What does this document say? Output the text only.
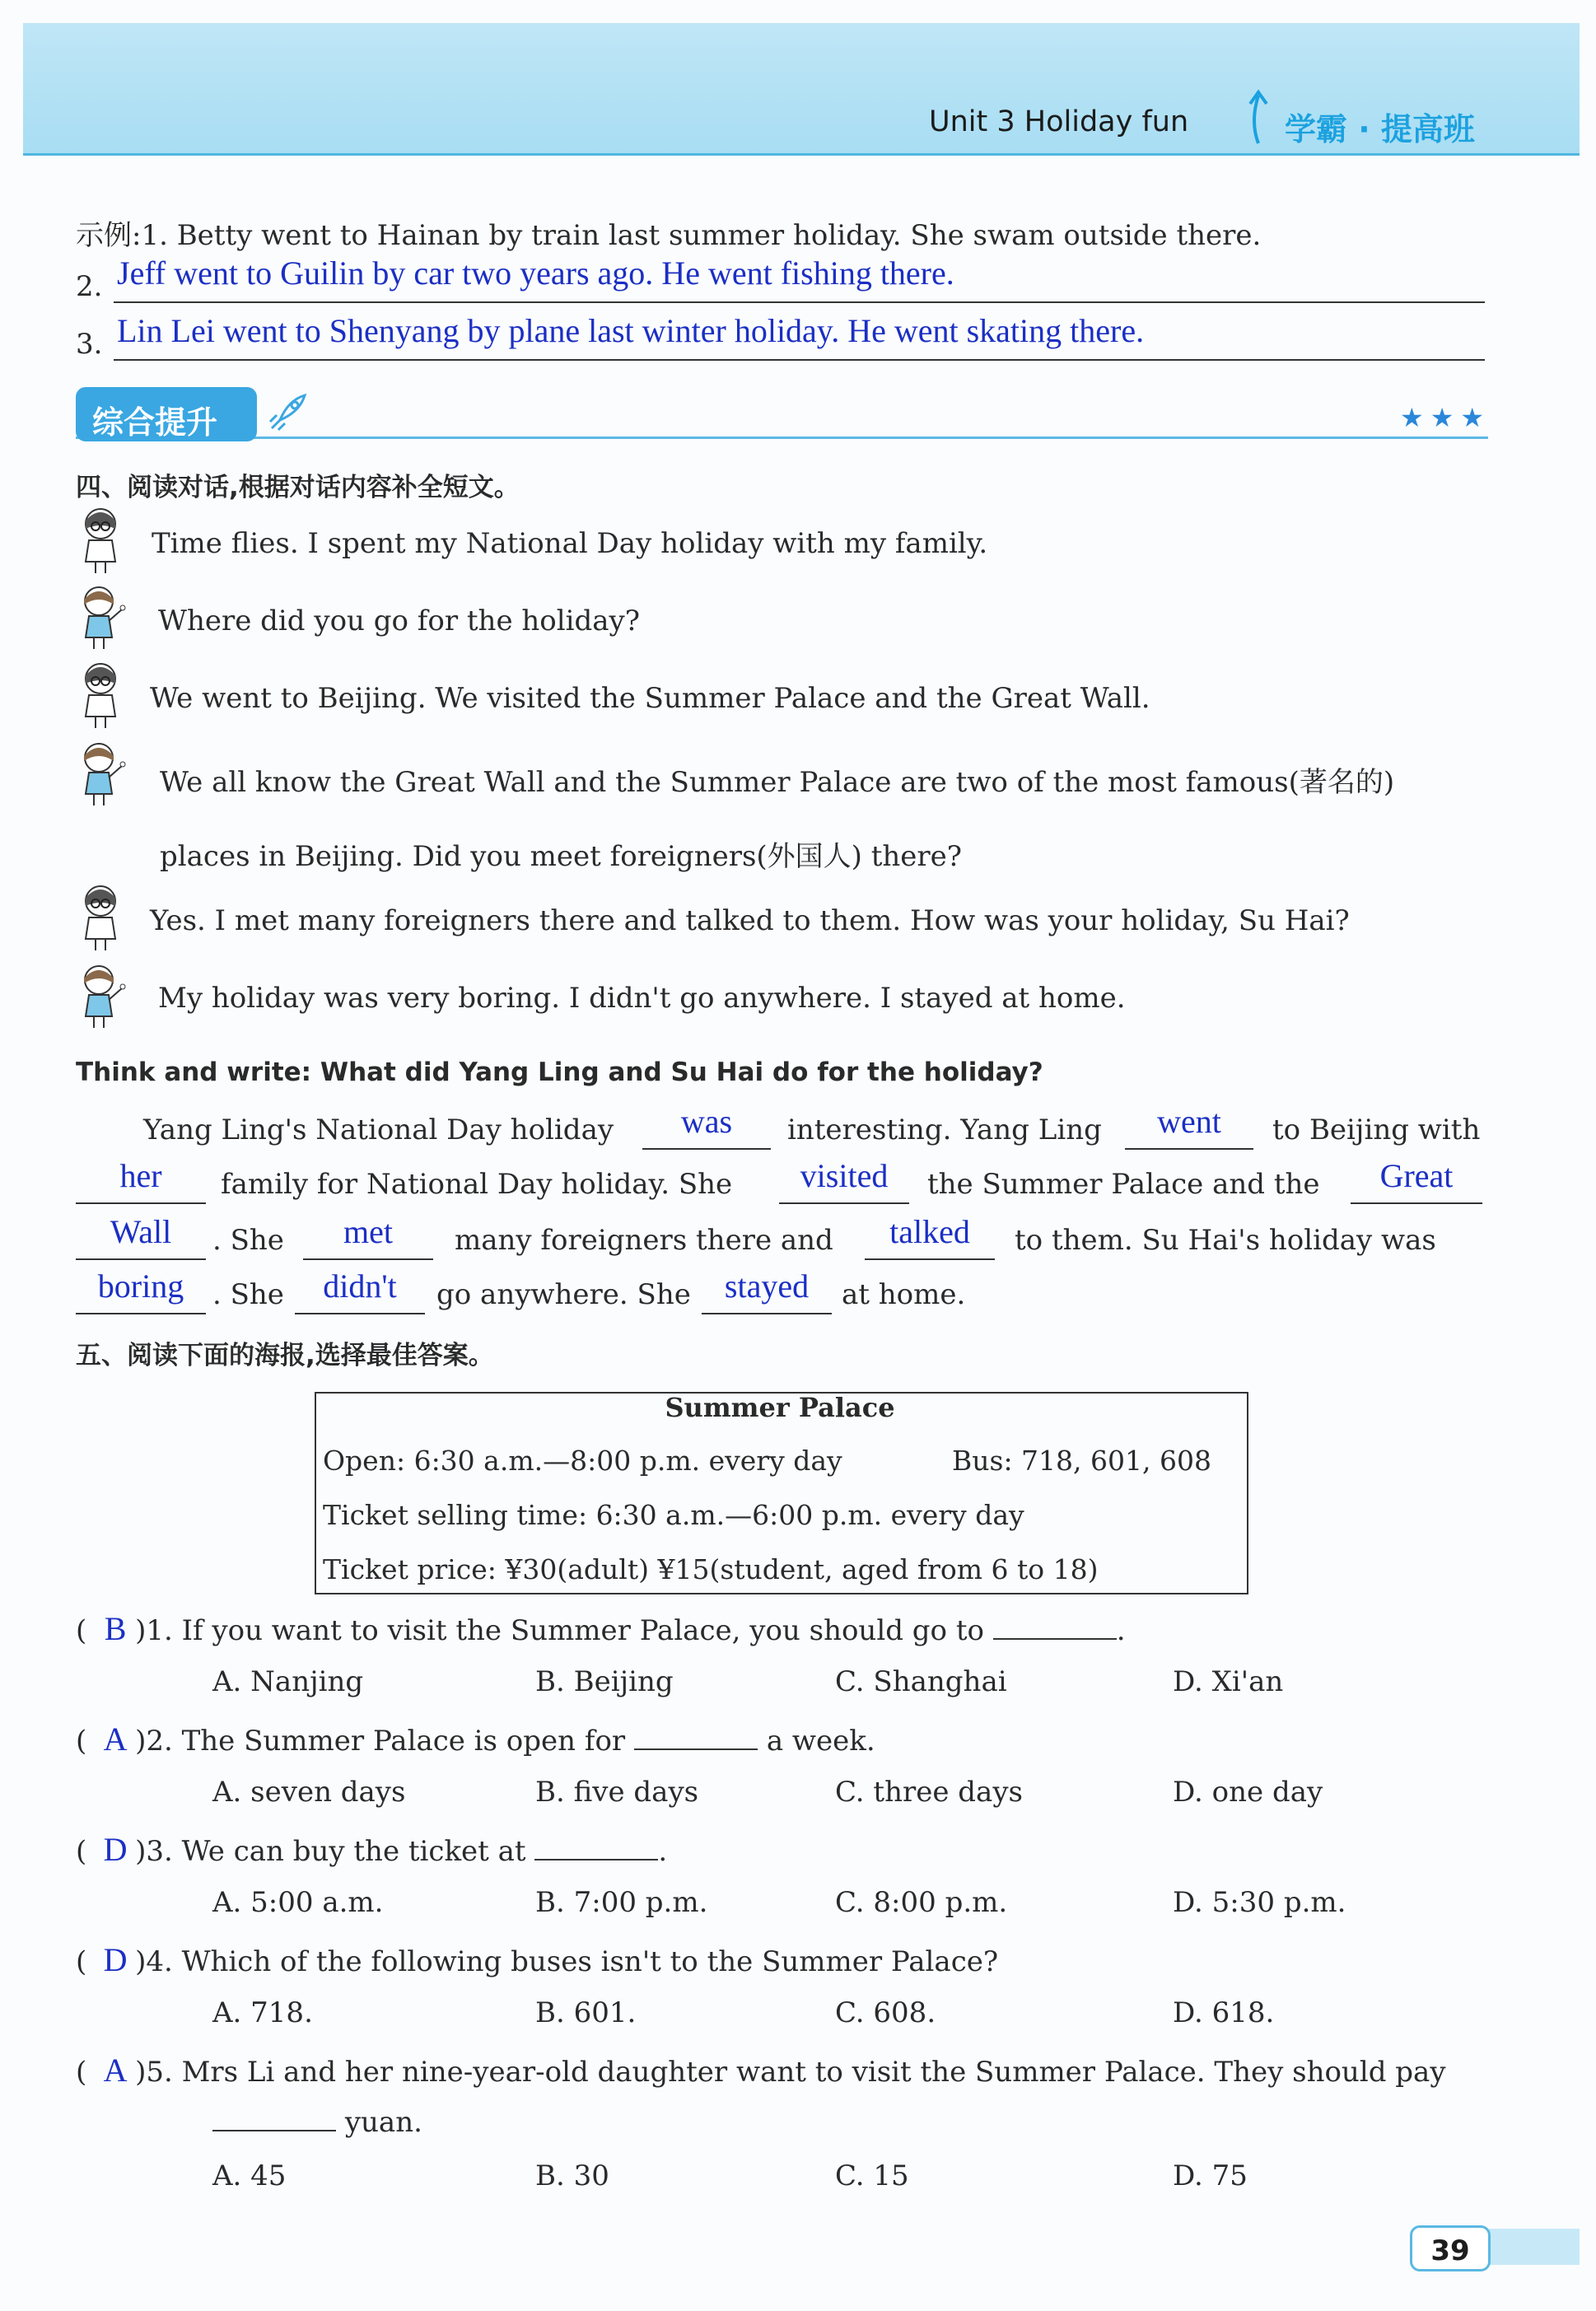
Unit 3 Holiday fun	学霸 · 提高班
示例:1. Betty went to Hainan by train last summer holiday. She swam outside there.
2. Jeff went to Guilin by car two years ago. He went fishing there.
3. Lin Lei went to Shenyang by plane last winter holiday. He went skating there.
综合提升	★★★
四、阅读对话,根据对话内容补全短文。
Time flies. I spent my National Day holiday with my family.
Where did you go for the holiday?
We went to Beijing. We visited the Summer Palace and the Great Wall.
We all know the Great Wall and the Summer Palace are two of the most famous(著名的)
places in Beijing. Did you meet foreigners(外国人) there?
Yes. I met many foreigners there and talked to them. How was your holiday, Su Hai?
My holiday was very boring. I didn't go anywhere. I stayed at home.
Think and write: What did Yang Ling and Su Hai do for the holiday?
Yang Ling's National Day holiday	was	interesting. Yang Ling	went	to Beijing with
her	family for National Day holiday. She	visited	the Summer Palace and the	Great
Wall	. She	met	many foreigners there and	talked	to them. Su Hai's holiday was
boring	. She	didn't	go anywhere. She	stayed	at home.
五、阅读下面的海报,选择最佳答案。
Summer Palace
Open: 6:30 a.m.—8:00 p.m. every day	Bus: 718, 601, 608
Ticket selling time: 6:30 a.m.—6:00 p.m. every day
Ticket price: ¥30(adult) ¥15(student, aged from 6 to 18)
( B )1. If you want to visit the Summer Palace, you should go to	.
A. Nanjing	B. Beijing	C. Shanghai	D. Xi'an
( A )2. The Summer Palace is open for	a week.
A. seven days	B. five days	C. three days	D. one day
( D )3. We can buy the ticket at	.
A. 5:00 a.m.	B. 7:00 p.m.	C. 8:00 p.m.	D. 5:30 p.m.
( D )4. Which of the following buses isn't to the Summer Palace?
A. 718.	B. 601.	C. 608.	D. 618.
( A )5. Mrs Li and her nine-year-old daughter want to visit the Summer Palace. They should pay
yuan.
A. 45	B. 30	C. 15	D. 75
39
